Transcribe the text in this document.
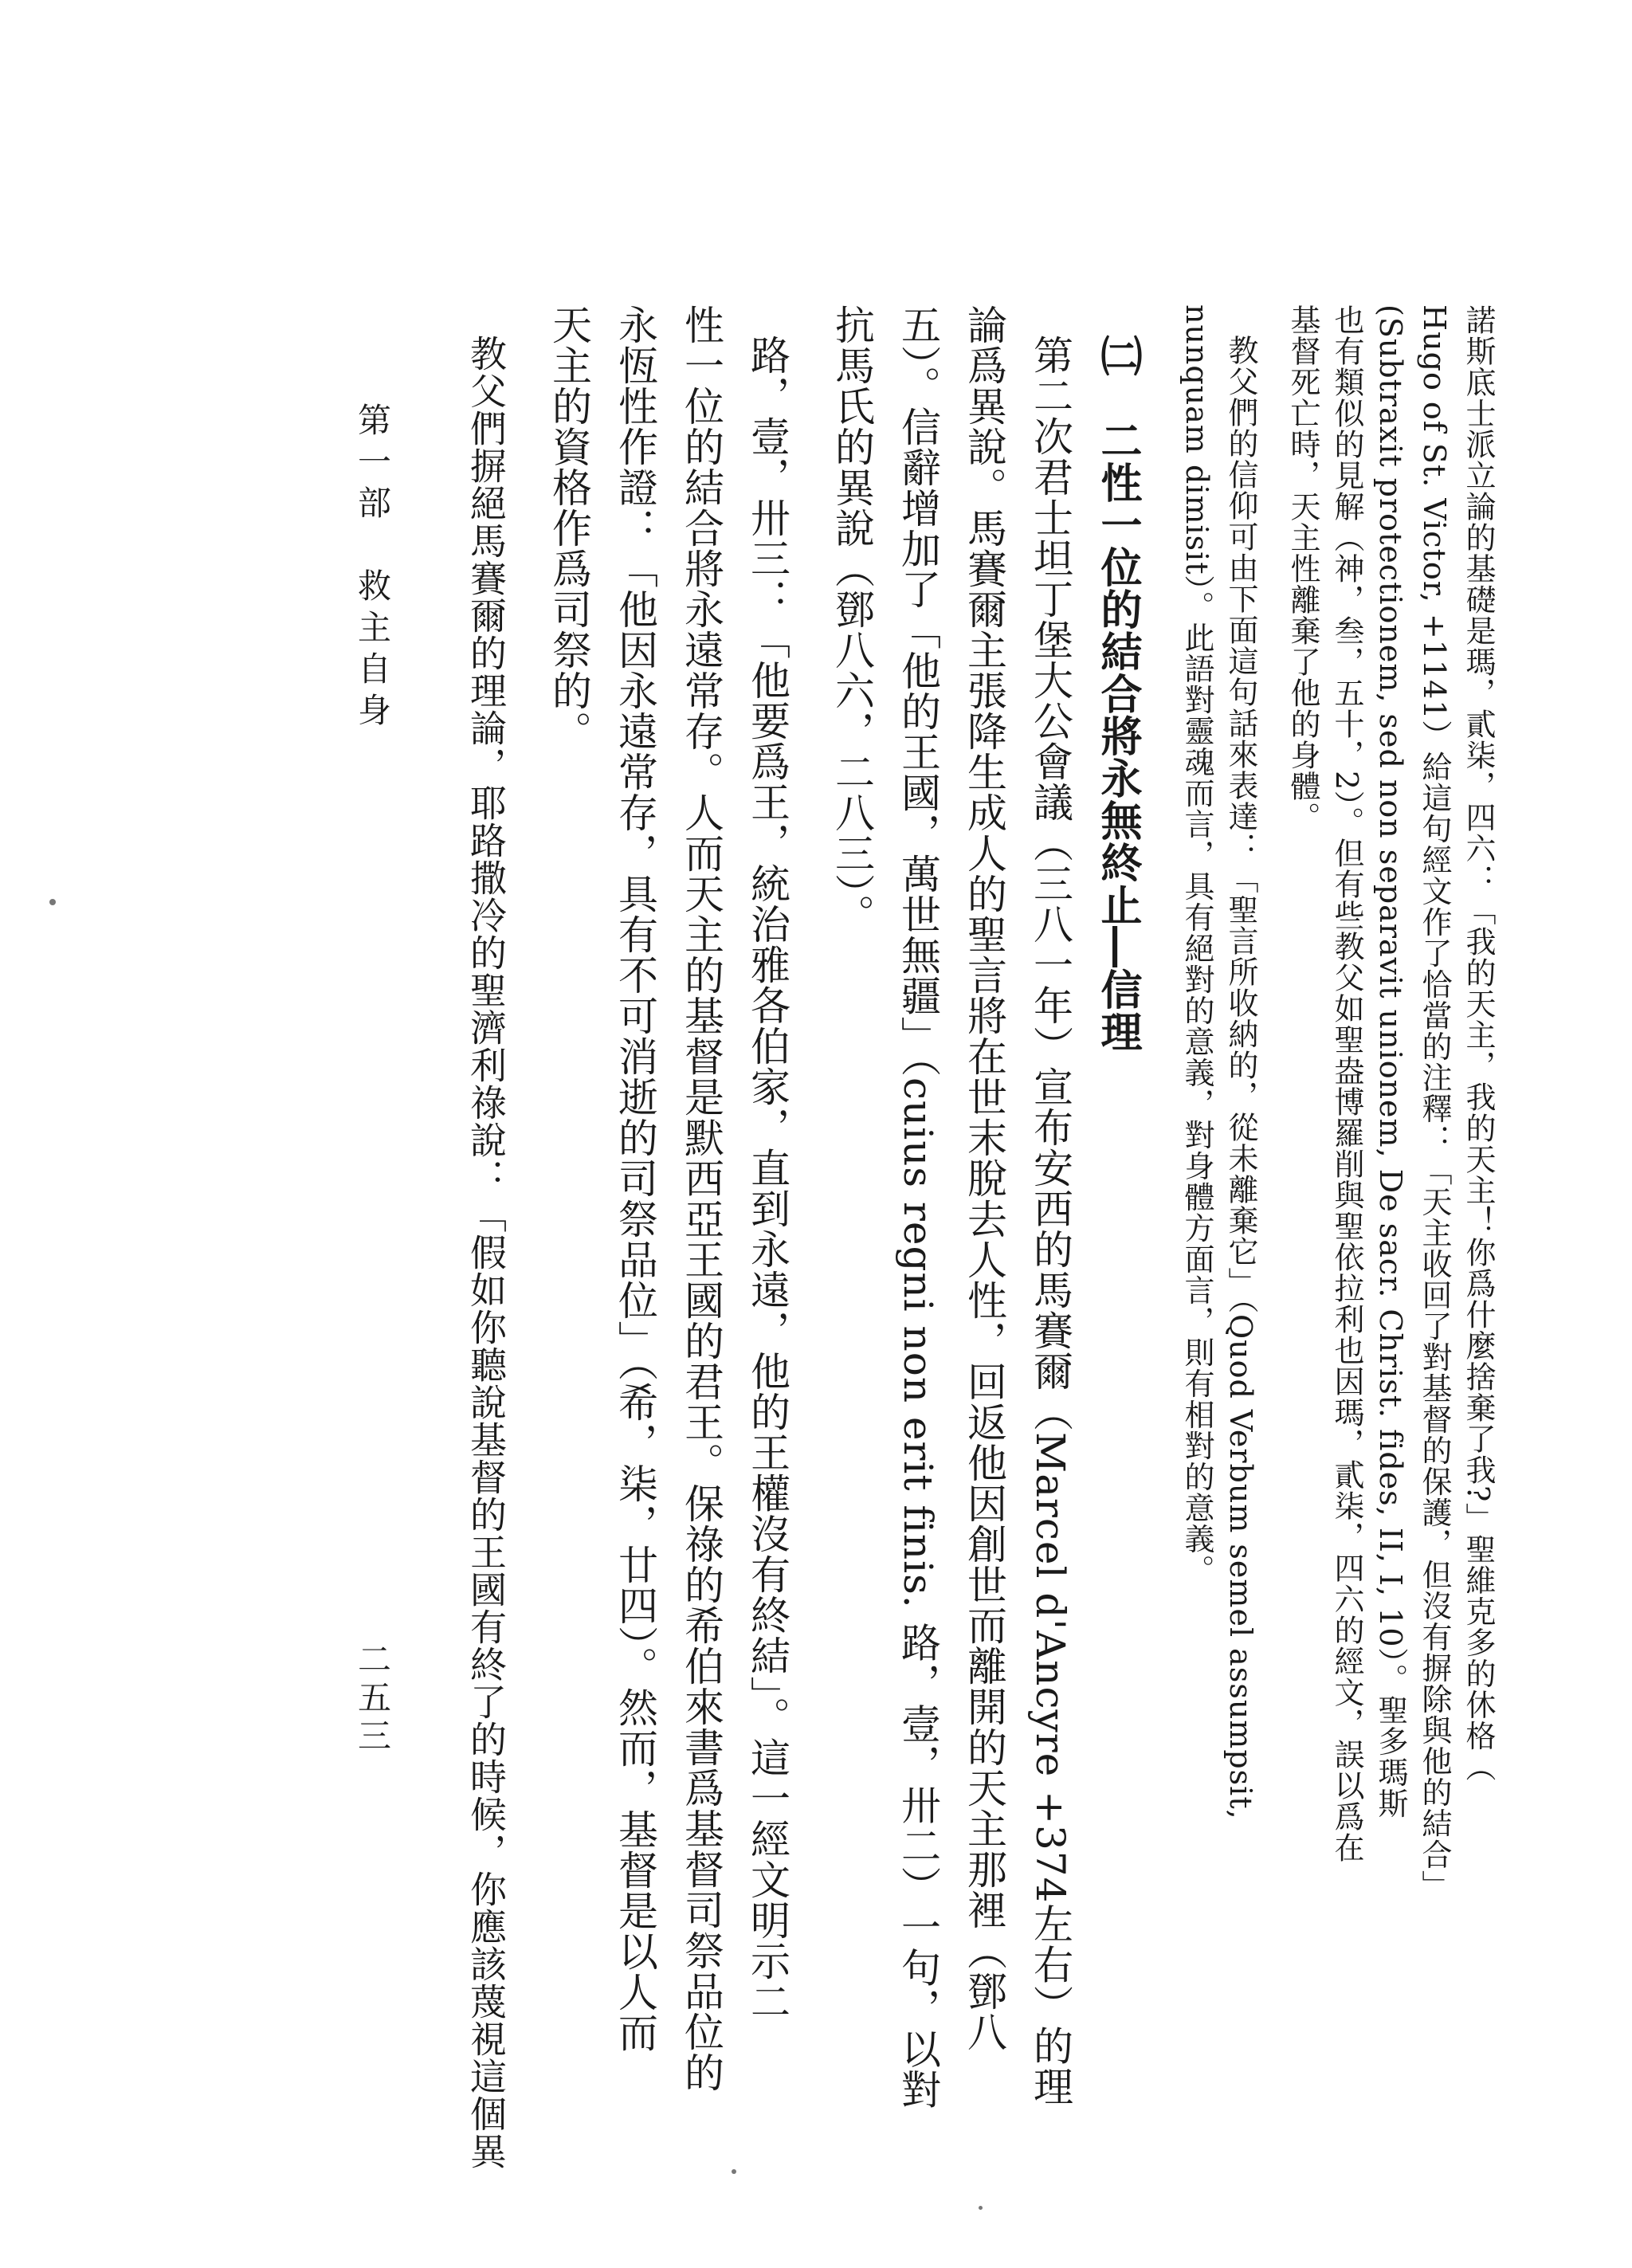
諾斯底士派立論的基礎是瑪，貳柒，四六：「我的天主，我的天主！你爲什麼捨棄了我?」聖維克多的休格（
Hugo of St. Victor, +1141）給這句經文作了恰當的注釋：「天主收回了對基督的保護，但沒有摒除與他的結合」
(Subtraxit protectionem, sed non separavit unionem, De sacr. Christ. fides, II, I, 10）。聖多瑪斯
也有類似的見解（神，叁，五十，2）。但有些教父如聖盎博羅削與聖依拉利也因瑪，貳柒，四六的經文，誤以爲在
基督死亡時，天主性離棄了他的身體。
教父們的信仰可由下面這句話來表達：「聖言所收納的，從未離棄它」（Quod Verbum semel assumpsit,
nunquam dimisit）。此語對靈魂而言，具有絕對的意義，對身體方面言，則有相對的意義。
㈡　二性一位的結合將永無終止―信理
第二次君士坦丁堡大公會議（三八一年）宣布安西的馬賽爾（Marcel d'Ancyre +374左右）的理
論爲異說。馬賽爾主張降生成人的聖言將在世末脫去人性，回返他因創世而離開的天主那裡（鄧八
五）。信辭增加了「他的王國，萬世無疆」（cuius regni non erit finis. 路，壹，卅二）一句，以對
抗馬氏的異說（鄧八六，二八三）。
路，壹，卅三：「他要爲王，統治雅各伯家，直到永遠，他的王權沒有終結」。這一經文明示二
性一位的結合將永遠常存。人而天主的基督是默西亞王國的君王。保祿的希伯來書爲基督司祭品位的
永恆性作證：「他因永遠常存，具有不可消逝的司祭品位」（希，柒，廿四）。然而，基督是以人而
天主的資格作爲司祭的。
教父們摒絕馬賽爾的理論，耶路撒冷的聖濟利祿說：「假如你聽說基督的王國有終了的時候，你應該蔑視這個異
第一部　救主自身
二五三
